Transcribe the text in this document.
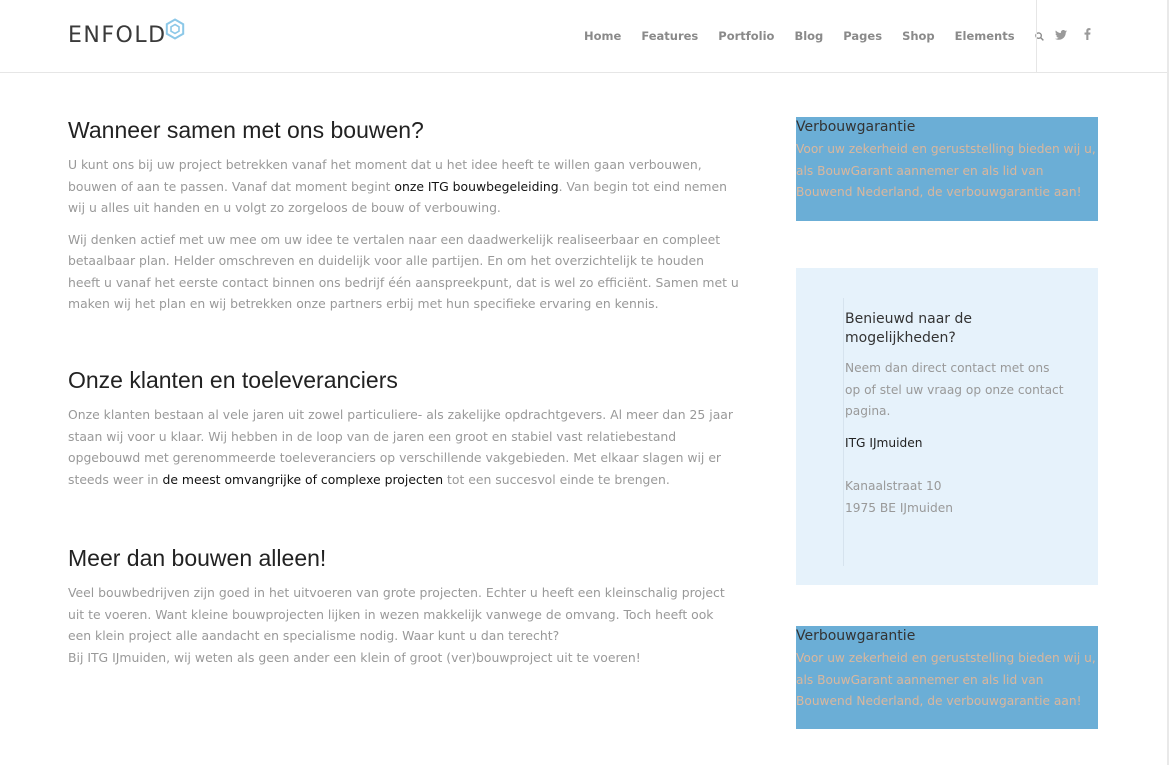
ENFOLD	Home	Features	Portfolio	Blog	Pages	Shop	Elements
Wanneer samen met ons bouwen?

U kunt ons bij uw project betrekken vanaf het moment dat u het idee heeft te willen gaan verbouwen, bouwen of aan te passen. Vanaf dat moment begint onze ITG bouwbegeleiding. Van begin tot eind nemen wij u alles uit handen en u volgt zo zorgeloos de bouw of verbouwing.

Wij denken actief met uw mee om uw idee te vertalen naar een daadwerkelijk realiseerbaar en compleet betaalbaar plan. Helder omschreven en duidelijk voor alle partijen. En om het overzichtelijk te houden heeft u vanaf het eerste contact binnen ons bedrijf één aanspreekpunt, dat is wel zo efficiënt. Samen met u maken wij het plan en wij betrekken onze partners erbij met hun specifieke ervaring en kennis.

Onze klanten en toeleveranciers

Onze klanten bestaan al vele jaren uit zowel particuliere- als zakelijke opdrachtgevers. Al meer dan 25 jaar staan wij voor u klaar. Wij hebben in de loop van de jaren een groot en stabiel vast relatiebestand opgebouwd met gerenommeerde toeleveranciers op verschillende vakgebieden. Met elkaar slagen wij er steeds weer in de meest omvangrijke of complexe projecten tot een succesvol einde te brengen.

Meer dan bouwen alleen!

Veel bouwbedrijven zijn goed in het uitvoeren van grote projecten. Echter u heeft een kleinschalig project uit te voeren. Want kleine bouwprojecten lijken in wezen makkelijk vanwege de omvang. Toch heeft ook een klein project alle aandacht en specialisme nodig. Waar kunt u dan terecht?

Bij ITG IJmuiden, wij weten als geen ander een klein of groot (ver)bouwproject uit te voeren!

Verbouwgarantie
Voor uw zekerheid en geruststelling bieden wij u, als BouwGarant aannemer en als lid van Bouwend Nederland, de verbouwgarantie aan!
Benieuwd naar de mogelijkheden?
Neem dan direct contact met ons op of stel uw vraag op onze contact pagina.
ITG IJmuiden
Kanaalstraat 10
1975 BE IJmuiden
Verbouwgarantie
Voor uw zekerheid en geruststelling bieden wij u, als BouwGarant aannemer en als lid van Bouwend Nederland, de verbouwgarantie aan!
